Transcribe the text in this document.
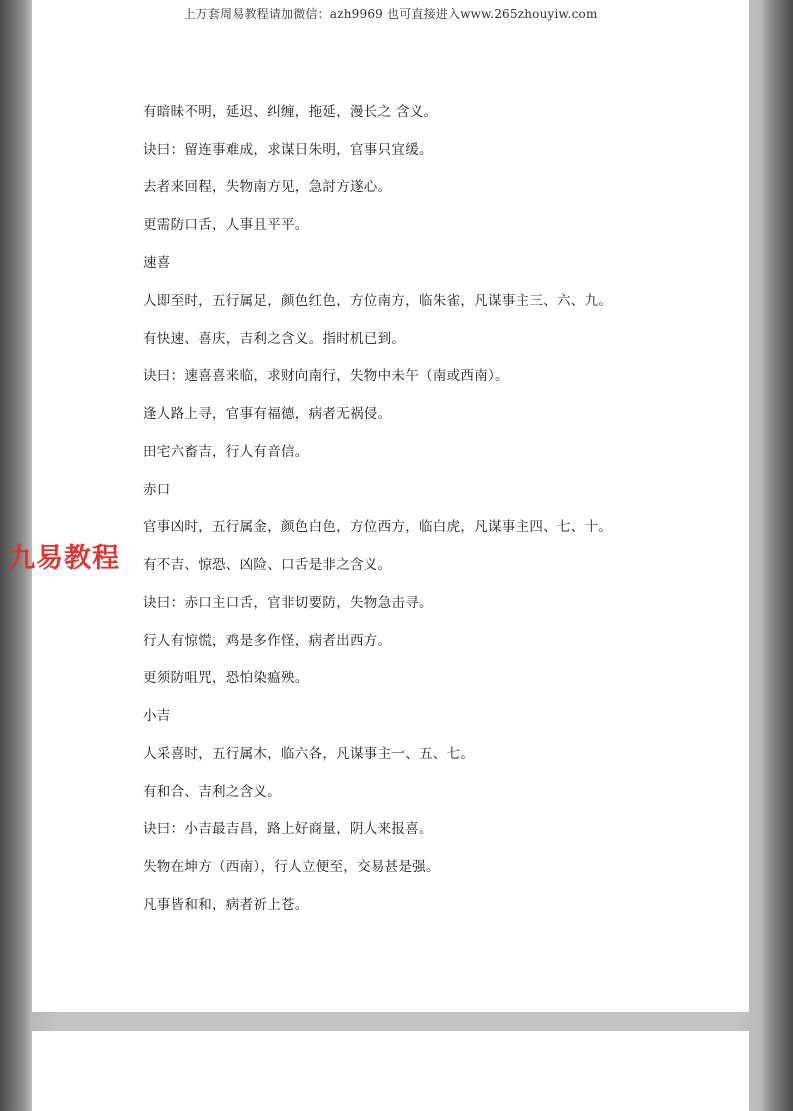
上万套周易教程请加微信：azh9969 也可直接进入www.265zhouyiw.com
有暗昧不明，延迟、纠缠，拖延，漫长之 含义。
诀曰：留连事难成，求谋日朱明，官事只宜缓。
去者来回程，失物南方见，急討方遂心。
更需防口舌，人事且平平。
速喜
人即至时，五行属足，颜色红色，方位南方，临朱雀，凡谋事主三、六、九。
有快速、喜庆，吉利之含义。指时机已到。
诀曰：速喜喜来临，求财向南行，失物中未午（南或西南）。
逢人路上寻，官事有福德，病者无祸侵。
田宅六畜吉，行人有音信。
赤口
官事凶时，五行属金，颜色白色，方位西方，临白虎，凡谋事主四、七、十。
有不吉、惊恐、凶险、口舌是非之含义。
诀曰：赤口主口舌，官非切要防，失物急击寻。
行人有惊慌，鸡是多作怪，病者出西方。
更须防咀咒，恐怕染瘟殃。
小吉
人采喜时，五行属木，临六各，凡谋事主一、五、七。
有和合、吉利之含义。
诀曰：小吉最吉昌，路上好商量，阴人来报喜。
失物在坤方（西南），行人立便至，交易甚是强。
凡事皆和和，病者祈上苍。
九易教程
